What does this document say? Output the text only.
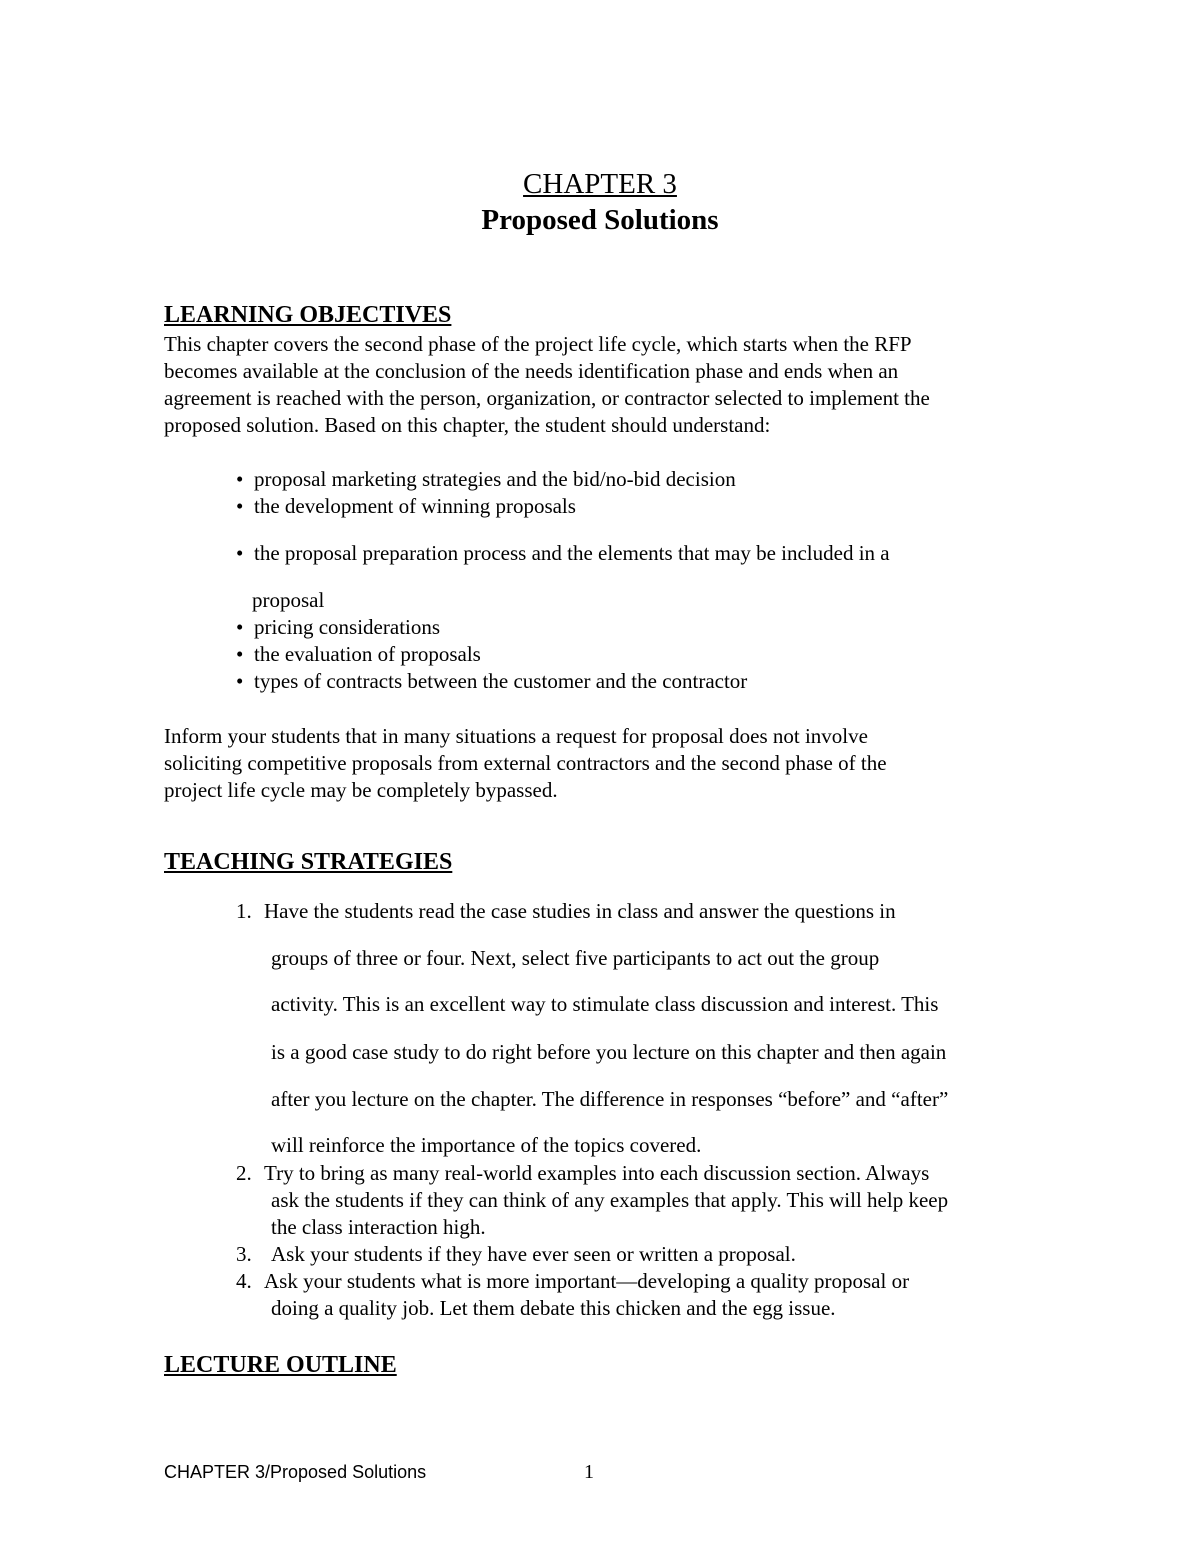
CHAPTER 3
Proposed Solutions
LEARNING OBJECTIVES
This chapter covers the second phase of the project life cycle, which starts when the RFP
becomes available at the conclusion of the needs identification phase and ends when an
agreement is reached with the person, organization, or contractor selected to implement the
proposed solution. Based on this chapter, the student should understand:
• proposal marketing strategies and the bid/no-bid decision
• the development of winning proposals
• the proposal preparation process and the elements that may be included in a
proposal
• pricing considerations
• the evaluation of proposals
• types of contracts between the customer and the contractor
Inform your students that in many situations a request for proposal does not involve
soliciting competitive proposals from external contractors and the second phase of the
project life cycle may be completely bypassed.
TEACHING STRATEGIES
1. Have the students read the case studies in class and answer the questions in
groups of three or four. Next, select five participants to act out the group
activity. This is an excellent way to stimulate class discussion and interest. This
is a good case study to do right before you lecture on this chapter and then again
after you lecture on the chapter. The difference in responses “before” and “after”
will reinforce the importance of the topics covered.
2. Try to bring as many real-world examples into each discussion section. Always
ask the students if they can think of any examples that apply. This will help keep
the class interaction high.
3. Ask your students if they have ever seen or written a proposal.
4. Ask your students what is more important—developing a quality proposal or
doing a quality job. Let them debate this chicken and the egg issue.
LECTURE OUTLINE
CHAPTER 3/Proposed Solutions	1
